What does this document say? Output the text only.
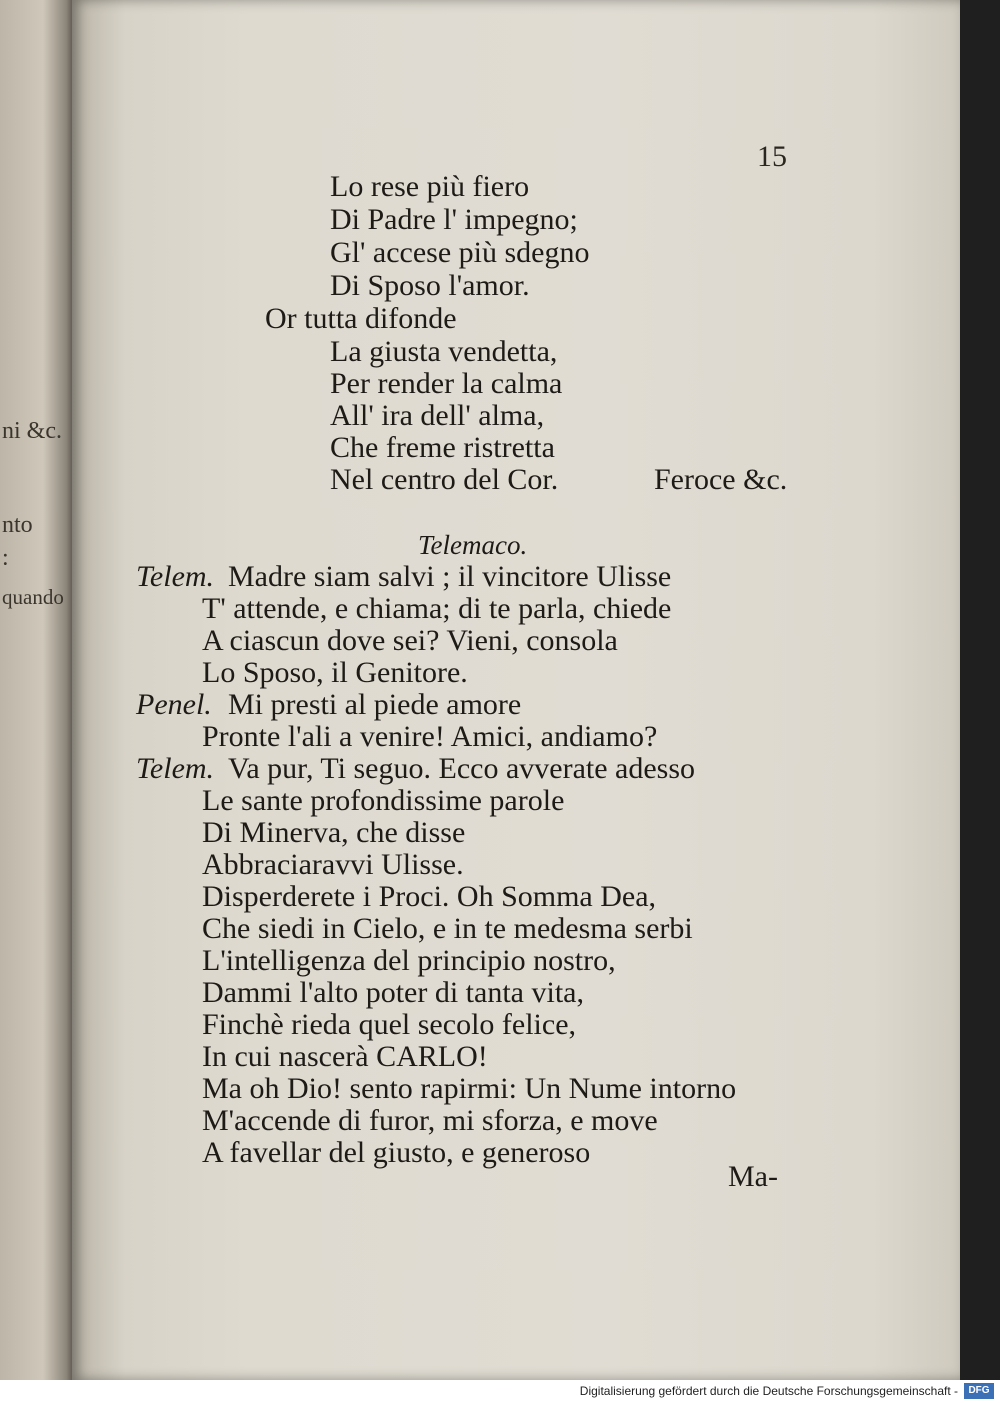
ni &c.
nto
:
quando
15
Lo rese più fiero
Di Padre l' impegno;
Gl' accese più sdegno
Di Sposo l'amor.
Or tutta difonde
La giusta vendetta,
Per render la calma
All' ira dell' alma,
Che freme ristretta
Nel centro del Cor.	Feroce &c.
Telemaco.
Telem. Madre siam salvi ; il vincitore Ulisse
T' attende, e chiama; di te parla, chiede
A ciascun dove sei? Vieni, consola
Lo Sposo, il Genitore.
Penel. Mi presti al piede amore
Pronte l'ali a venire! Amici, andiamo?
Telem. Va pur, Ti seguo. Ecco avverate adesso
Le sante profondissime parole
Di Minerva, che disse
Abbraciaravvi Ulisse.
Disperderete i Proci. Oh Somma Dea,
Che siedi in Cielo, e in te medesma serbi
L'intelligenza del principio nostro,
Dammi l'alto poter di tanta vita,
Finchè rieda quel secolo felice,
In cui nascerà CARLO!
Ma oh Dio! sento rapirmi: Un Nume intorno
M'accende di furor, mi sforza, e move
A favellar del giusto, e generoso
Ma-
Digitalisierung gefördert durch die Deutsche Forschungsgemeinschaft -	DFG
